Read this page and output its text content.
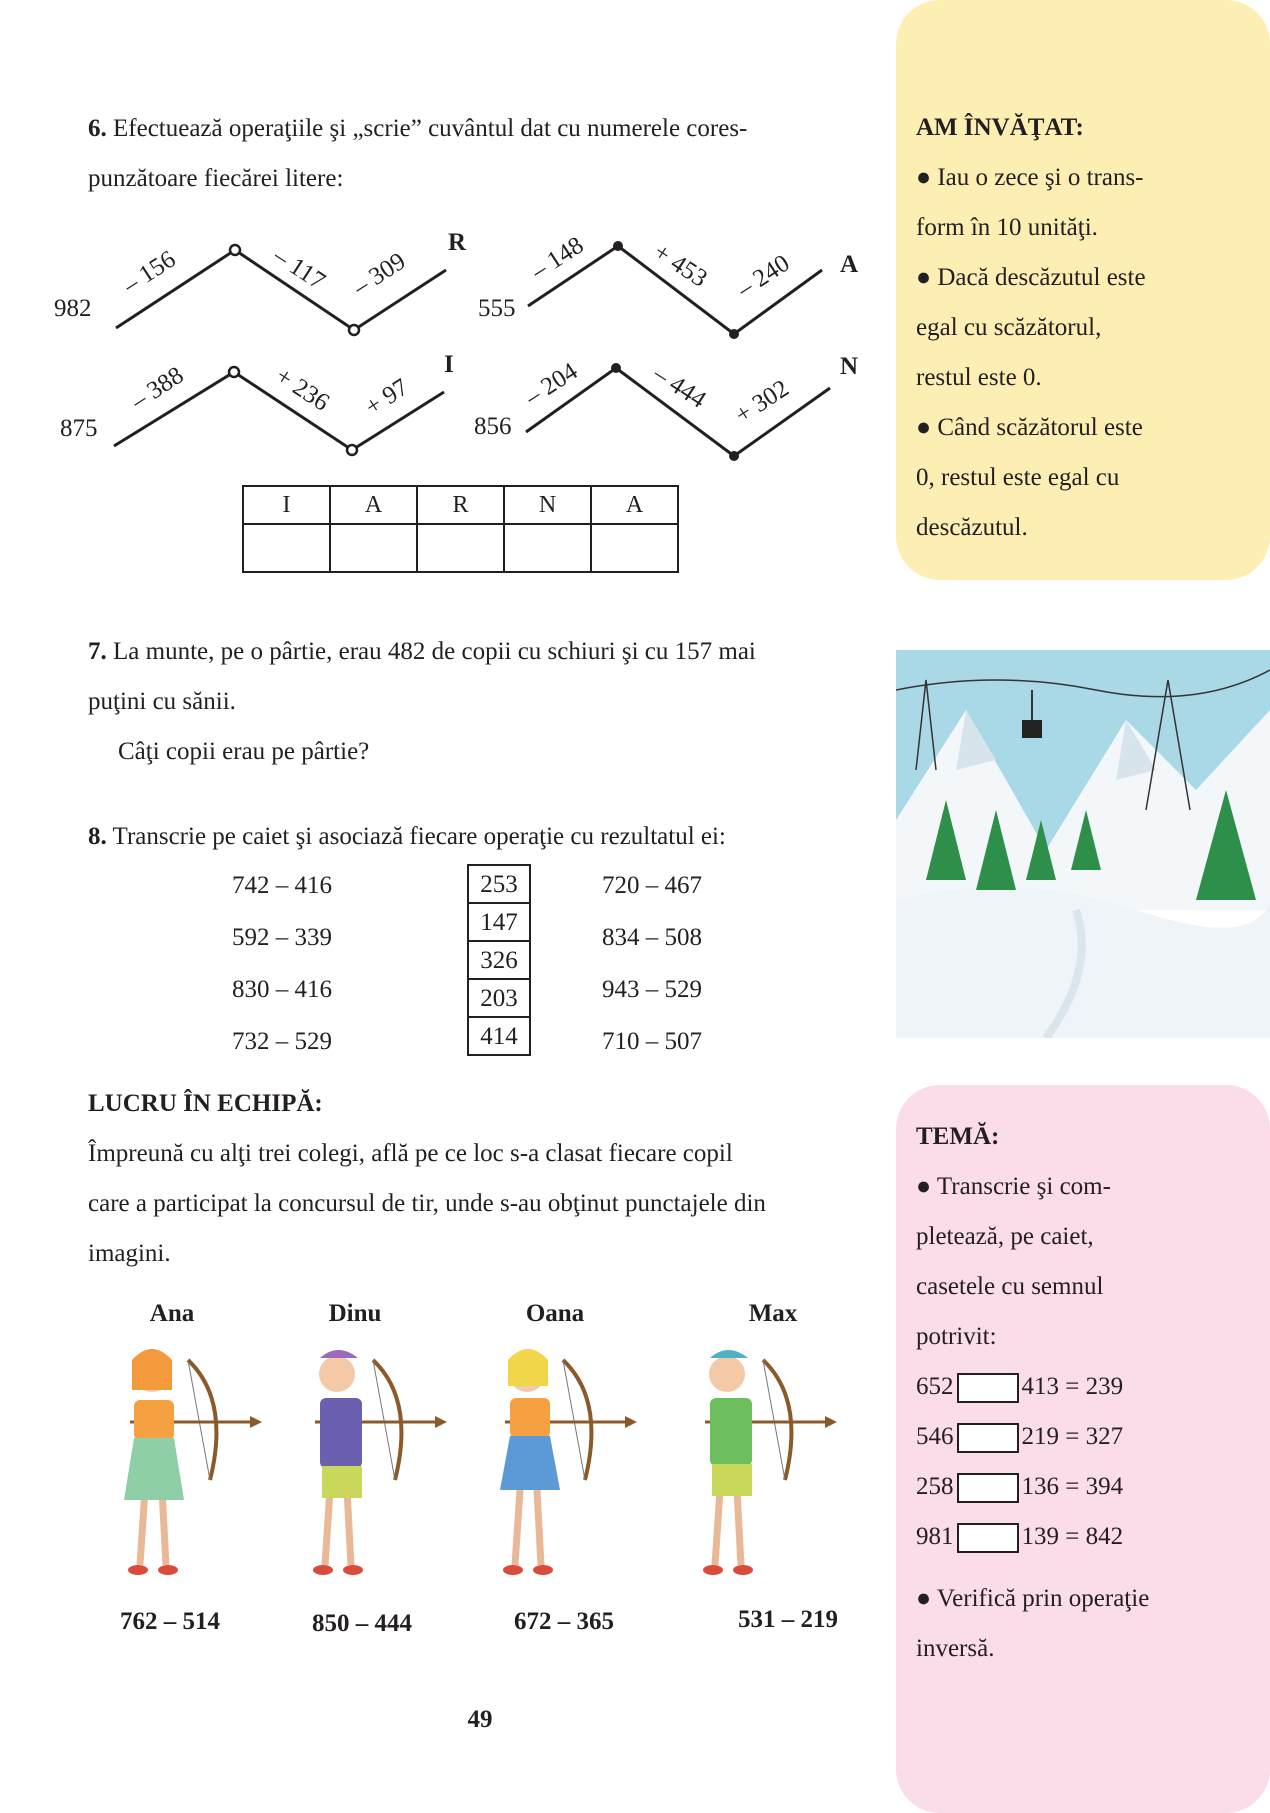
6. Efectuează operaţiile şi „scrie” cuvântul dat cu numerele cores-
punzătoare fiecărei litere:
982
– 156	– 117 – 309
R
555
– 148 + 453 – 240 A
875
– 388	+ 236 + 97
I
856
– 204	– 444 + 302
N
I	A	R	N	A

7. La munte, pe o pârtie, erau 482 de copii cu schiuri şi cu 157 mai
puţini cu sănii.
Câţi copii erau pe pârtie?
8. Transcrie pe caiet şi asociază fiecare operaţie cu rezultatul ei:
742 – 416
592 – 339
830 – 416
732 – 529
253
147
326
203
414
720 – 467
834 – 508
943 – 529
710 – 507
LUCRU ÎN ECHIPĂ:
Împreună cu alţi trei colegi, află pe ce loc s-a clasat fiecare copil
care a participat la concursul de tir, unde s-au obţinut punctajele din
imagini.
Ana	Dinu	Oana	Max
762 – 514	850 – 444	672 – 365	531 – 219
49
AM ÎNVĂŢAT:
● Iau o zece şi o trans-
form în 10 unităţi.
● Dacă descăzutul este
egal cu scăzătorul,
restul este 0.
● Când scăzătorul este
0, restul este egal cu
descăzutul.
TEMĂ:
● Transcrie şi com-
pletează, pe caiet,
casetele cu semnul
potrivit:
652	413 = 239
546	219 = 327
258	136 = 394
981	139 = 842
● Verifică prin operaţie
inversă.
